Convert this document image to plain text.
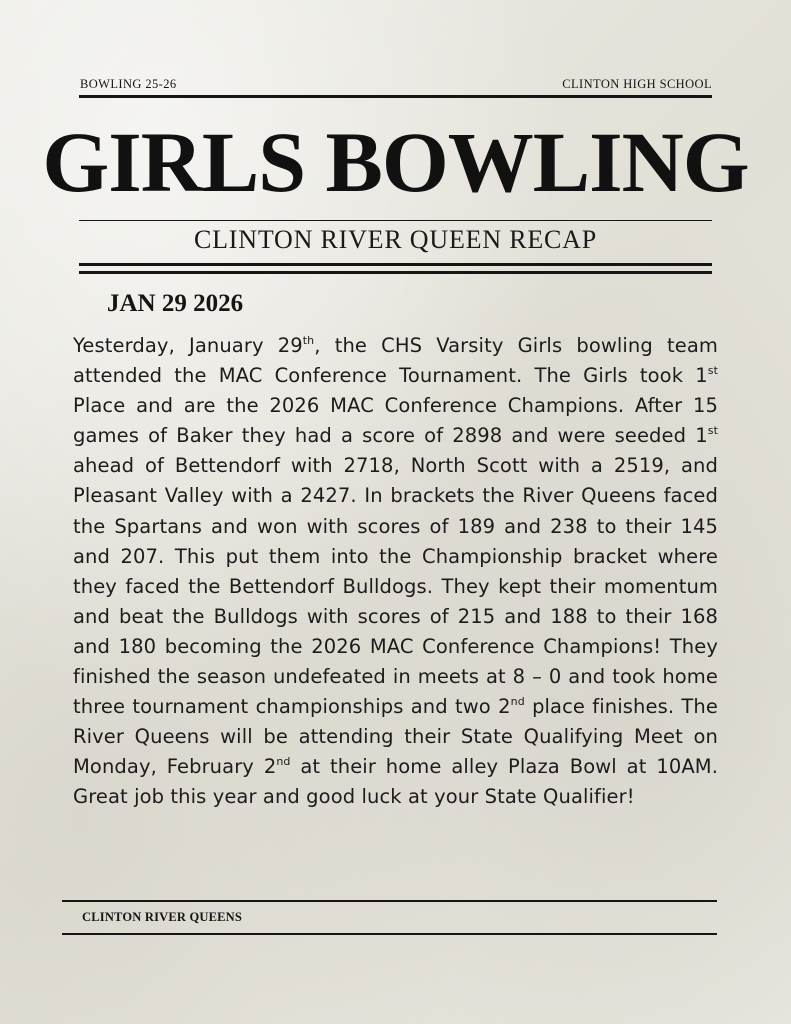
BOWLING 25-26	CLINTON HIGH SCHOOL
GIRLS BOWLING
CLINTON RIVER QUEEN RECAP
JAN 29 2026
Yesterday, January 29th, the CHS Varsity Girls bowling team attended the MAC Conference Tournament. The Girls took 1st Place and are the 2026 MAC Conference Champions. After 15 games of Baker they had a score of 2898 and were seeded 1st ahead of Bettendorf with 2718, North Scott with a 2519, and Pleasant Valley with a 2427. In brackets the River Queens faced the Spartans and won with scores of 189 and 238 to their 145 and 207. This put them into the Championship bracket where they faced the Bettendorf Bulldogs. They kept their momentum and beat the Bulldogs with scores of 215 and 188 to their 168 and 180 becoming the 2026 MAC Conference Champions! They finished the season undefeated in meets at 8 – 0 and took home three tournament championships and two 2nd place finishes. The River Queens will be attending their State Qualifying Meet on Monday, February 2nd at their home alley Plaza Bowl at 10AM. Great job this year and good luck at your State Qualifier!
CLINTON RIVER QUEENS
